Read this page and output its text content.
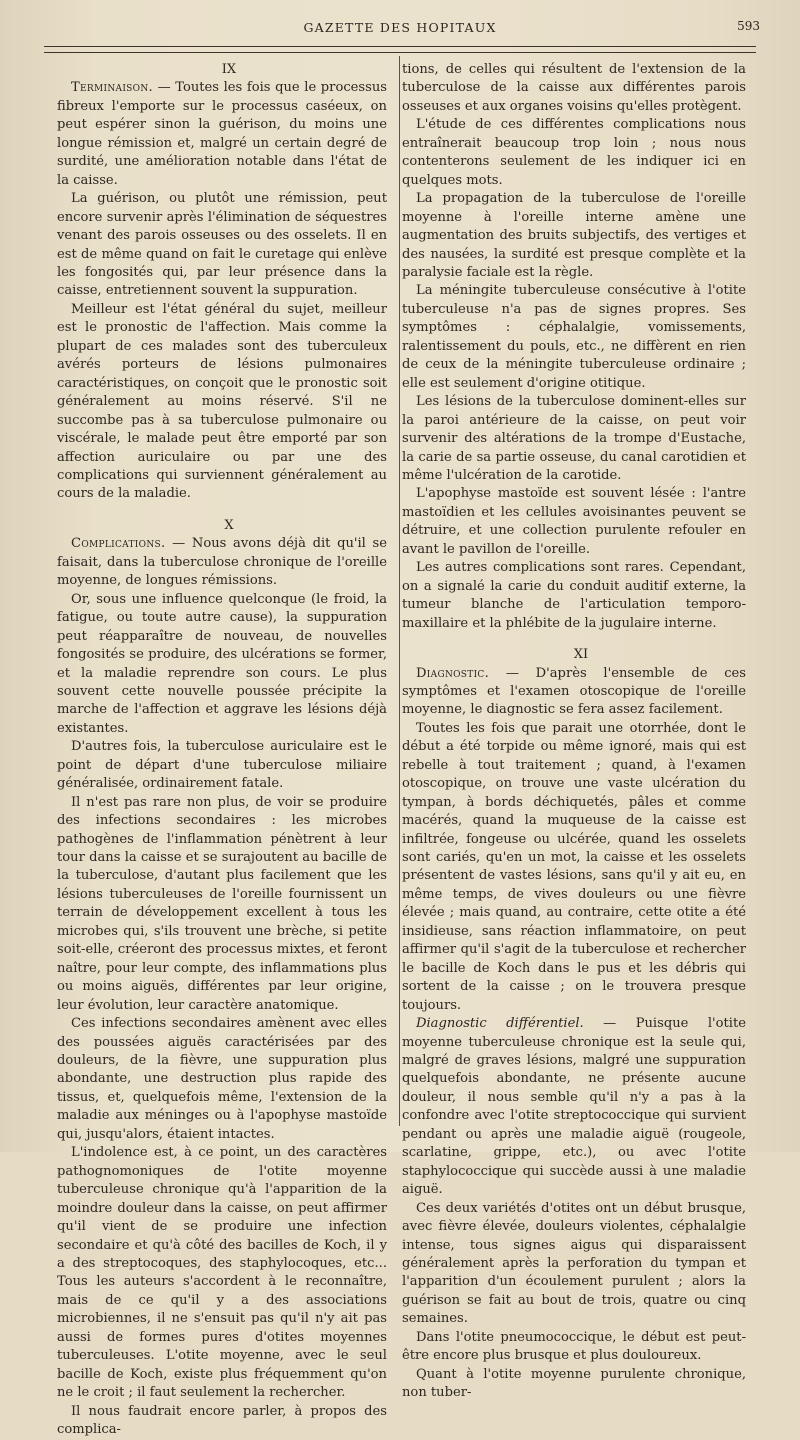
GAZETTE DES HOPITAUX	593

IX

Terminaison. — Toutes les fois que le processus fibreux l'emporte sur le processus caséeux, on peut espérer sinon la guérison, du moins une longue rémission et, malgré un certain degré de surdité, une amélioration notable dans l'état de la caisse.

La guérison, ou plutôt une rémission, peut encore survenir après l'élimination de séquestres venant des parois osseuses ou des osselets. Il en est de même quand on fait le curetage qui enlève les fongosités qui, par leur présence dans la caisse, entretiennent souvent la suppuration.

Meilleur est l'état général du sujet, meilleur est le pronostic de l'affection. Mais comme la plupart de ces malades sont des tuberculeux avérés porteurs de lésions pulmonaires caractéristiques, on conçoit que le pronostic soit généralement au moins réservé. S'il ne succombe pas à sa tuberculose pulmonaire ou viscérale, le malade peut être emporté par son affection auriculaire ou par une des complications qui surviennent généralement au cours de la maladie.

X

Complications. — Nous avons déjà dit qu'il se faisait, dans la tuberculose chronique de l'oreille moyenne, de longues rémissions.

Or, sous une influence quelconque (le froid, la fatigue, ou toute autre cause), la suppuration peut réapparaître de nouveau, de nouvelles fongosités se produire, des ulcérations se former, et la maladie reprendre son cours. Le plus souvent cette nouvelle poussée précipite la marche de l'affection et aggrave les lésions déjà existantes.

D'autres fois, la tuberculose auriculaire est le point de départ d'une tuberculose miliaire généralisée, ordinairement fatale.

Il n'est pas rare non plus, de voir se produire des infections secondaires : les microbes pathogènes de l'inflammation pénètrent à leur tour dans la caisse et se surajoutent au bacille de la tuberculose, d'autant plus facilement que les lésions tuberculeuses de l'oreille fournissent un terrain de développement excellent à tous les microbes qui, s'ils trouvent une brèche, si petite soit-elle, créeront des processus mixtes, et feront naître, pour leur compte, des inflammations plus ou moins aiguës, différentes par leur origine, leur évolution, leur caractère anatomique.

Ces infections secondaires amènent avec elles des poussées aiguës caractérisées par des douleurs, de la fièvre, une suppuration plus abondante, une destruction plus rapide des tissus, et, quelquefois même, l'extension de la maladie aux méninges ou à l'apophyse mastoïde qui, jusqu'alors, étaient intactes.

L'indolence est, à ce point, un des caractères pathognomoniques de l'otite moyenne tuberculeuse chronique qu'à l'apparition de la moindre douleur dans la caisse, on peut affirmer qu'il vient de se produire une infection secondaire et qu'à côté des bacilles de Koch, il y a des streptocoques, des staphylocoques, etc... Tous les auteurs s'accordent à le reconnaître, mais de ce qu'il y a des associations microbiennes, il ne s'ensuit pas qu'il n'y ait pas aussi de formes pures d'otites moyennes tuberculeuses. L'otite moyenne, avec le seul bacille de Koch, existe plus fréquemment qu'on ne le croit ; il faut seulement la rechercher.

Il nous faudrait encore parler, à propos des complica-

tions, de celles qui résultent de l'extension de la tuberculose de la caisse aux différentes parois osseuses et aux organes voisins qu'elles protègent.

L'étude de ces différentes complications nous entraînerait beaucoup trop loin ; nous nous contenterons seulement de les indiquer ici en quelques mots.

La propagation de la tuberculose de l'oreille moyenne à l'oreille interne amène une augmentation des bruits subjectifs, des vertiges et des nausées, la surdité est presque complète et la paralysie faciale est la règle.

La méningite tuberculeuse consécutive à l'otite tuberculeuse n'a pas de signes propres. Ses symptômes : céphalalgie, vomissements, ralentissement du pouls, etc., ne diffèrent en rien de ceux de la méningite tuberculeuse ordinaire ; elle est seulement d'origine otitique.

Les lésions de la tuberculose dominent-elles sur la paroi antérieure de la caisse, on peut voir survenir des altérations de la trompe d'Eustache, la carie de sa partie osseuse, du canal carotidien et même l'ulcération de la carotide.

L'apophyse mastoïde est souvent lésée : l'antre mastoïdien et les cellules avoisinantes peuvent se détruire, et une collection purulente refouler en avant le pavillon de l'oreille.

Les autres complications sont rares. Cependant, on a signalé la carie du conduit auditif externe, la tumeur blanche de l'articulation temporo-maxillaire et la phlébite de la jugulaire interne.

XI

Diagnostic. — D'après l'ensemble de ces symptômes et l'examen otoscopique de l'oreille moyenne, le diagnostic se fera assez facilement.

Toutes les fois que parait une otorrhée, dont le début a été torpide ou même ignoré, mais qui est rebelle à tout traitement ; quand, à l'examen otoscopique, on trouve une vaste ulcération du tympan, à bords déchiquetés, pâles et comme macérés, quand la muqueuse de la caisse est infiltrée, fongeuse ou ulcérée, quand les osselets sont cariés, qu'en un mot, la caisse et les osselets présentent de vastes lésions, sans qu'il y ait eu, en même temps, de vives douleurs ou une fièvre élevée ; mais quand, au contraire, cette otite a été insidieuse, sans réaction inflammatoire, on peut affirmer qu'il s'agit de la tuberculose et rechercher le bacille de Koch dans le pus et les débris qui sortent de la caisse ; on le trouvera presque toujours.

Diagnostic différentiel. — Puisque l'otite moyenne tuberculeuse chronique est la seule qui, malgré de graves lésions, malgré une suppuration quelquefois abondante, ne présente aucune douleur, il nous semble qu'il n'y a pas à la confondre avec l'otite streptococcique qui survient pendant ou après une maladie aiguë (rougeole, scarlatine, grippe, etc.), ou avec l'otite staphylococcique qui succède aussi à une maladie aiguë.

Ces deux variétés d'otites ont un début brusque, avec fièvre élevée, douleurs violentes, céphalalgie intense, tous signes aigus qui disparaissent généralement après la perforation du tympan et l'apparition d'un écoulement purulent ; alors la guérison se fait au bout de trois, quatre ou cinq semaines.

Dans l'otite pneumococcique, le début est peut-être encore plus brusque et plus douloureux.

Quant à l'otite moyenne purulente chronique, non tuber-
